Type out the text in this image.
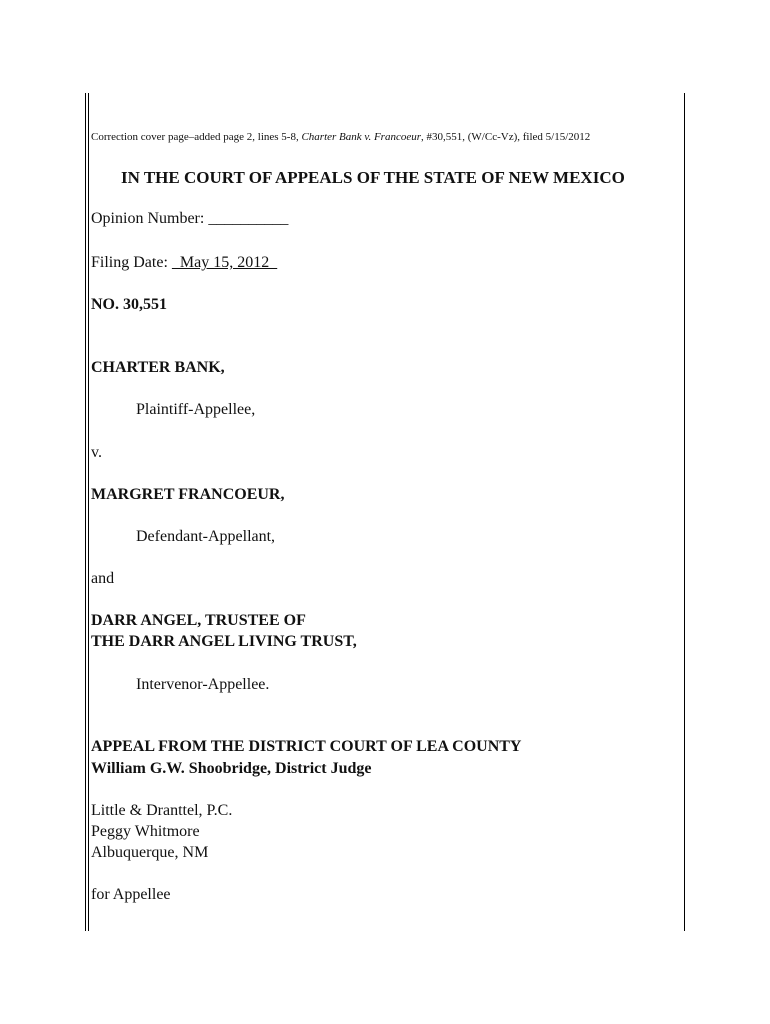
Correction cover page–added page 2, lines 5-8, Charter Bank v. Francoeur, #30,551, (W/Cc-Vz), filed 5/15/2012
IN THE COURT OF APPEALS OF THE STATE OF NEW MEXICO
Opinion Number: __________
Filing Date:   May 15, 2012
NO. 30,551
CHARTER BANK,
Plaintiff-Appellee,
v.
MARGRET FRANCOEUR,
Defendant-Appellant,
and
DARR ANGEL, TRUSTEE OF
THE DARR ANGEL LIVING TRUST,
Intervenor-Appellee.
APPEAL FROM THE DISTRICT COURT OF LEA COUNTY
William G.W. Shoobridge, District Judge
Little & Dranttel, P.C.
Peggy Whitmore
Albuquerque, NM
for Appellee
